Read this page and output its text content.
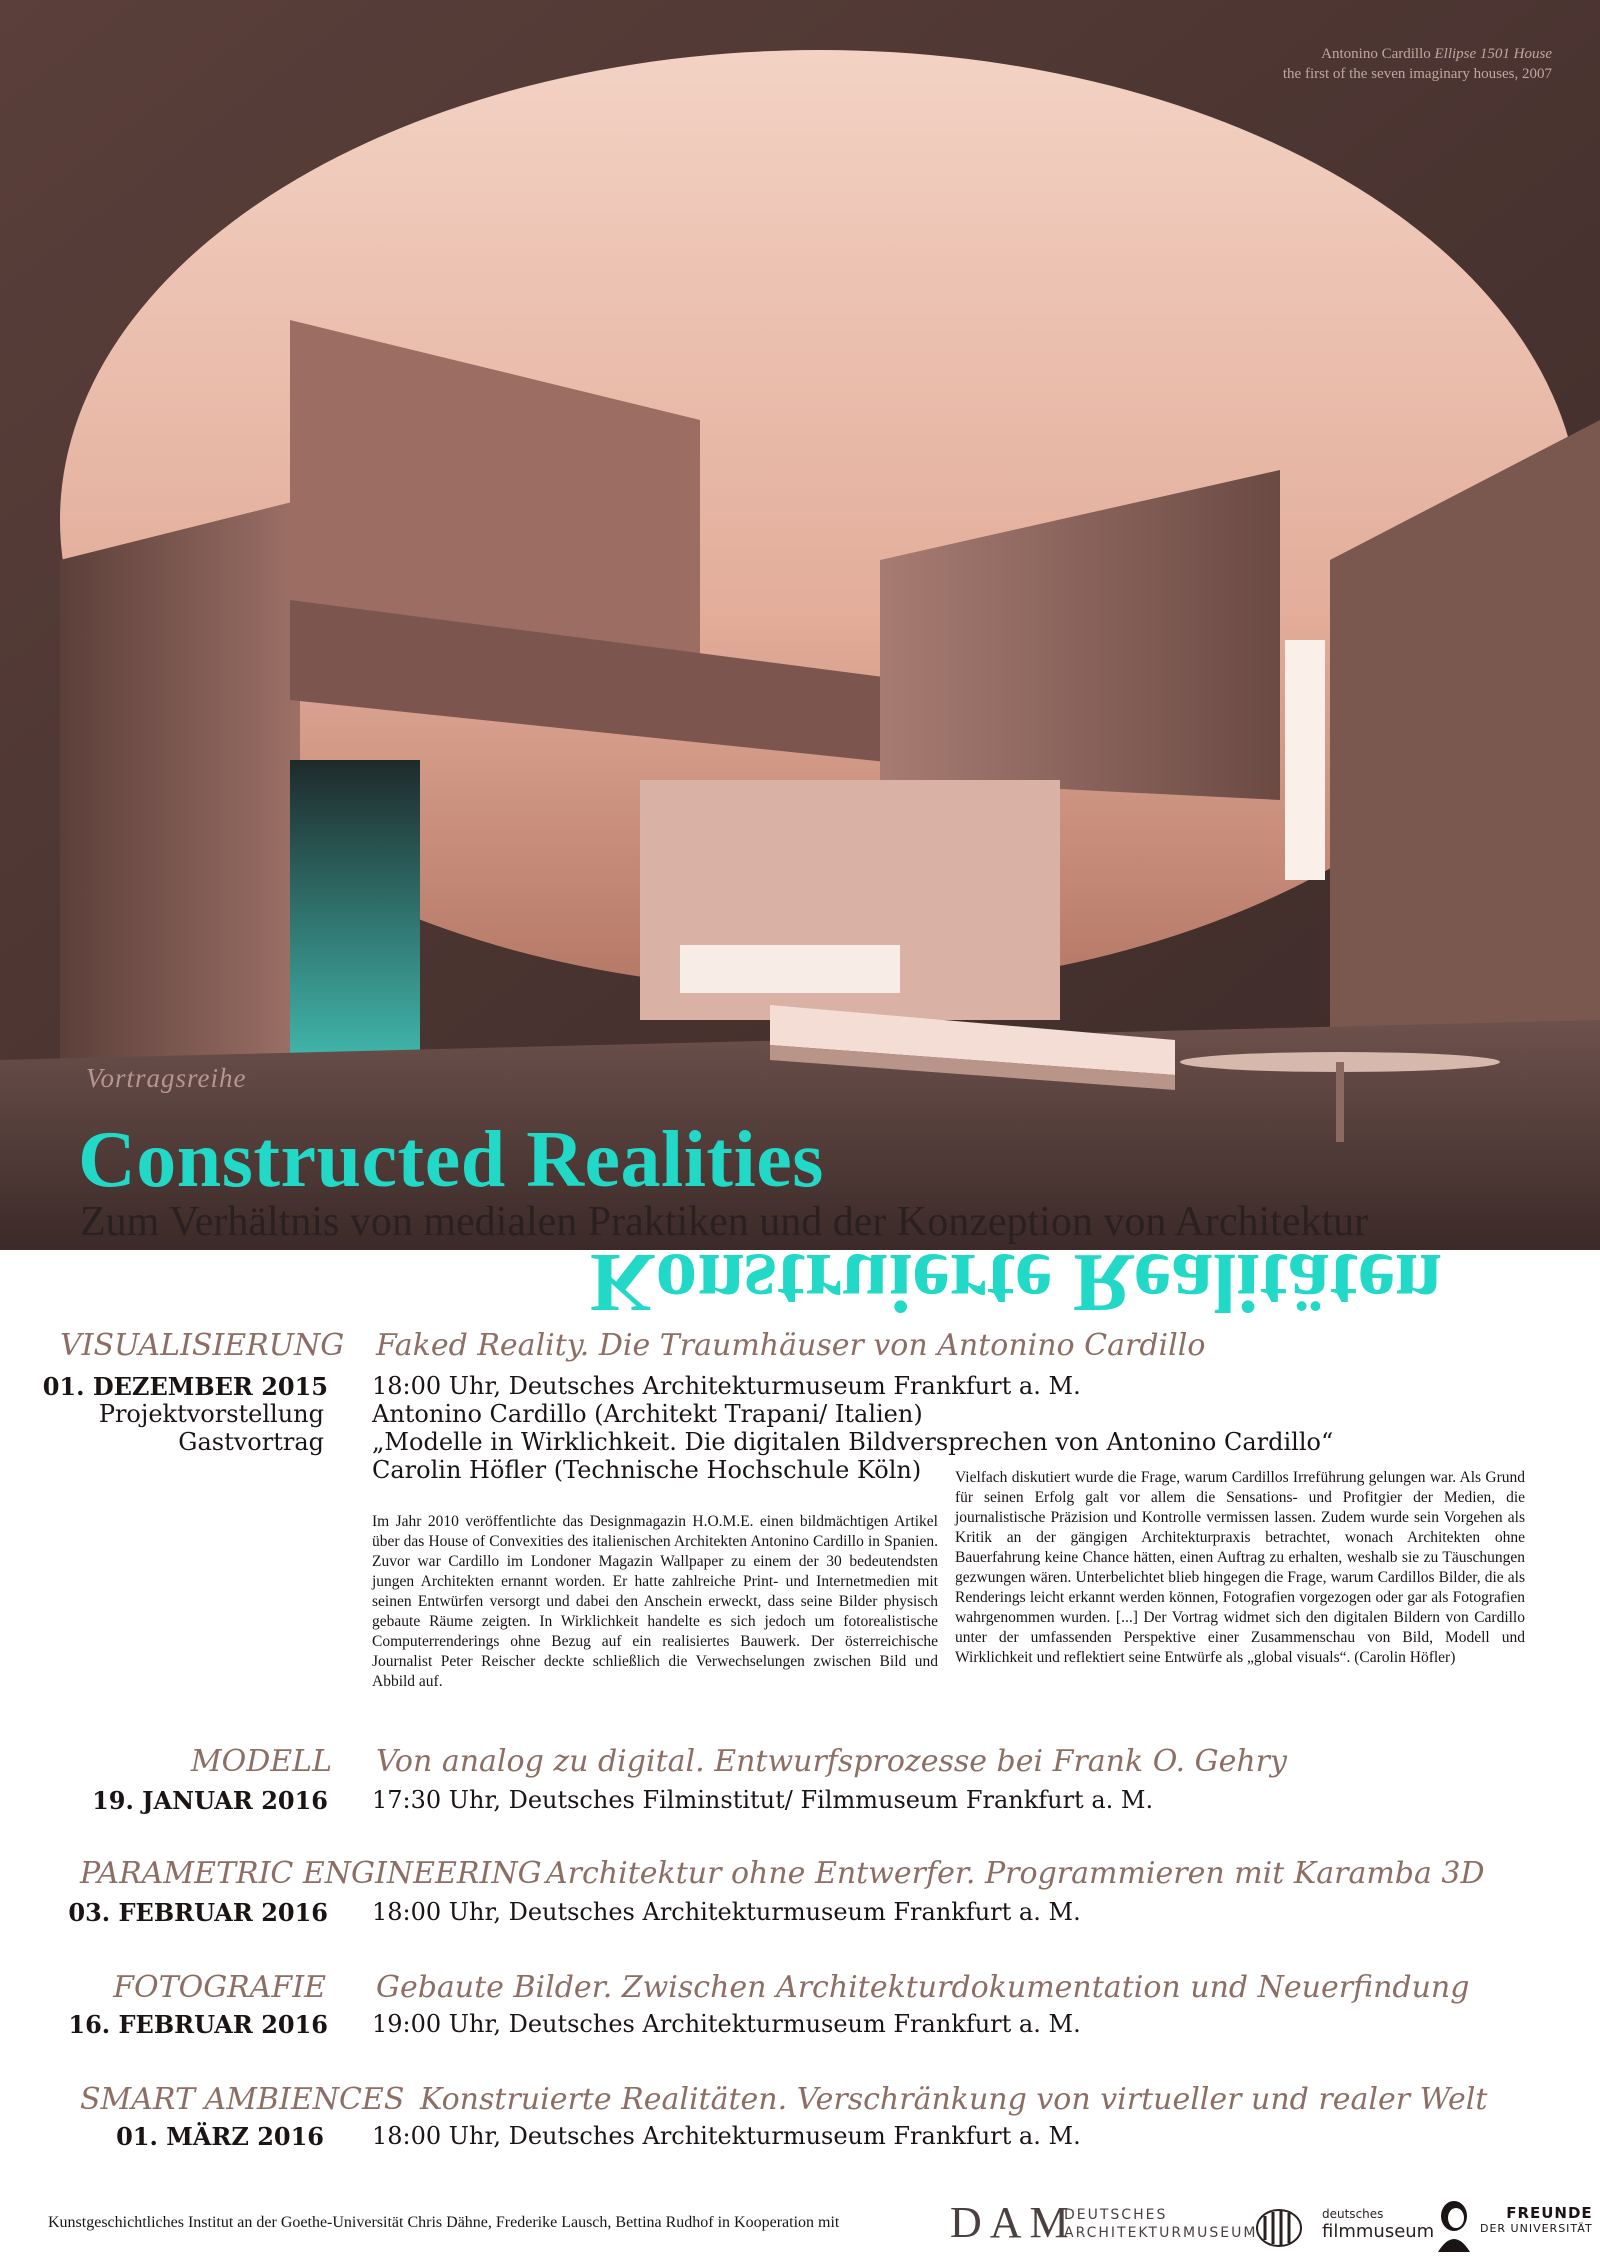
Antonino Cardillo Ellipse 1501 House
the first of the seven imaginary houses, 2007
Vortragsreihe
Constructed Realities
Zum Verhältnis von medialen Praktiken und der Konzeption von Architektur
Konstruierte Realitäten
VISUALISIERUNG Faked Reality. Die Traumhäuser von Antonino Cardillo
01. DEZEMBER 2015 18:00 Uhr, Deutsches Architekturmuseum Frankfurt a. M.
Projektvorstellung Antonino Cardillo (Architekt Trapani/ Italien)
Gastvortrag „Modelle in Wirklichkeit. Die digitalen Bildversprechen von Antonino Cardillo“
Carolin Höfler (Technische Hochschule Köln)
Im Jahr 2010 veröffentlichte das Designmagazin H.O.M.E. einen bildmächtigen Artikel über das House of Convexities des italienischen Architekten Antonino Cardillo in Spanien. Zuvor war Cardillo im Londoner Magazin Wallpaper zu einem der 30 bedeutendsten jungen Architekten ernannt worden. Er hatte zahlreiche Print- und Internetmedien mit seinen Entwürfen versorgt und dabei den Anschein erweckt, dass seine Bilder physisch gebaute Räume zeigten. In Wirklichkeit handelte es sich jedoch um fotorealistische Computerrenderings ohne Bezug auf ein realisiertes Bauwerk. Der österreichische Journalist Peter Reischer deckte schließlich die Verwechselungen zwischen Bild und Abbild auf.
Vielfach diskutiert wurde die Frage, warum Cardillos Irreführung gelungen war. Als Grund für seinen Erfolg galt vor allem die Sensations- und Profitgier der Medien, die journalistische Präzision und Kontrolle vermissen lassen. Zudem wurde sein Vorgehen als Kritik an der gängigen Architekturpraxis betrachtet, wonach Architekten ohne Bauerfahrung keine Chance hätten, einen Auftrag zu erhalten, weshalb sie zu Täuschungen gezwungen wären. Unterbelichtet blieb hingegen die Frage, warum Cardillos Bilder, die als Renderings leicht erkannt werden können, Fotografien vorgezogen oder gar als Fotografien wahrgenommen wurden. [...] Der Vortrag widmet sich den digitalen Bildern von Cardillo unter der umfassenden Perspektive einer Zusammenschau von Bild, Modell und Wirklichkeit und reflektiert seine Entwürfe als „global visuals“. (Carolin Höfler)
MODELL Von analog zu digital. Entwurfsprozesse bei Frank O. Gehry
19. JANUAR 2016 17:30 Uhr, Deutsches Filminstitut/ Filmmuseum Frankfurt a. M.
PARAMETRIC ENGINEERING Architektur ohne Entwerfer. Programmieren mit Karamba 3D
03. FEBRUAR 2016 18:00 Uhr, Deutsches Architekturmuseum Frankfurt a. M.
FOTOGRAFIE Gebaute Bilder. Zwischen Architekturdokumentation und Neuerfindung
16. FEBRUAR 2016 19:00 Uhr, Deutsches Architekturmuseum Frankfurt a. M.
SMART AMBIENCES Konstruierte Realitäten. Verschränkung von virtueller und realer Welt
01. MÄRZ 2016 18:00 Uhr, Deutsches Architekturmuseum Frankfurt a. M.
Kunstgeschichtliches Institut an der Goethe-Universität Chris Dähne, Frederike Lausch, Bettina Rudhof in Kooperation mit	DAM
DEUTSCHES
ARCHITEKTURMUSEUM
deutsches
filmmuseum
FREUNDE
DER UNIVERSITÄT
